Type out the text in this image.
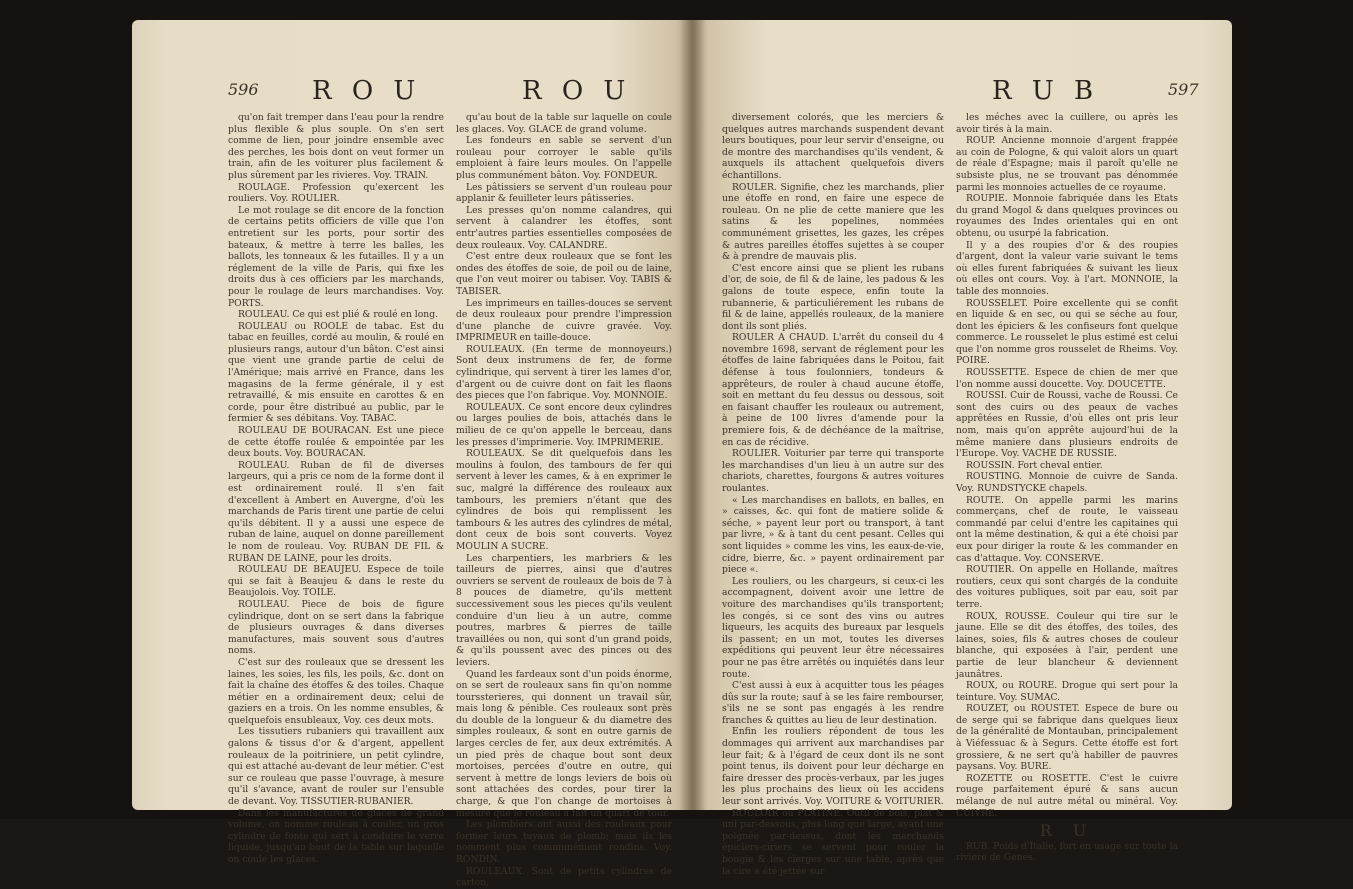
596 R O U	R O U

qu'on fait tremper dans l'eau pour la rendre plus flexible & plus souple. On s'en sert comme de lien, pour joindre ensemble avec des perches, les bois dont on veut former un train, afin de les voiturer plus facilement & plus sûrement par les rivieres. Voy. TRAIN.

ROULAGE. Profession qu'exercent les rouliers. Voy. ROULIER.

Le mot roulage se dit encore de la fonction de certains petits officiers de ville que l'on entretient sur les ports, pour sortir des bateaux, & mettre à terre les balles, les ballots, les tonneaux & les futailles. Il y a un réglement de la ville de Paris, qui fixe les droits dus à ces officiers par les marchands, pour le roulage de leurs marchandises. Voy. PORTS.

ROULEAU. Ce qui est plié & roulé en long.

ROULEAU ou ROOLE de tabac. Est du tabac en feuilles, cordé au moulin, & roulé en plusieurs rangs, autour d'un bâton. C'est ainsi que vient une grande partie de celui de l'Amérique; mais arrivé en France, dans les magasins de la ferme générale, il y est retravaillé, & mis ensuite en carottes & en corde, pour être distribué au public, par le fermier & ses débitans. Voy. TABAC.

ROULEAU DE BOURACAN. Est une piece de cette étoffe roulée & empointée par les deux bouts. Voy. BOURACAN.

ROULEAU. Ruban de fil de diverses largeurs, qui a pris ce nom de la forme dont il est ordinairement roulé. Il s'en fait d'excellent à Ambert en Auvergne, d'où les marchands de Paris tirent une partie de celui qu'ils débitent. Il y a aussi une espece de ruban de laine, auquel on donne pareillement le nom de rouleau. Voy. RUBAN DE FIL & RUBAN DE LAINE, pour les droits.

ROULEAU DE BEAUJEU. Espece de toile qui se fait à Beaujeu & dans le reste du Beaujolois. Voy. TOILE.

ROULEAU. Piece de bois de figure cylindrique, dont on se sert dans la fabrique de plusieurs ouvrages & dans diverses manufactures, mais souvent sous d'autres noms.

C'est sur des rouleaux que se dressent les laines, les soies, les fils, les poils, &c. dont on fait la chaîne des étoffes & des toiles. Chaque métier en a ordinairement deux; celui de gaziers en a trois. On les nomme ensubles, & quelquefois ensubleaux, Voy. ces deux mots.

Les tissutiers rubaniers qui travaillent aux galons & tissus d'or & d'argent, appellent rouleaux de la poitriniere, un petit cylindre, qui est attaché au-devant de leur métier. C'est sur ce rouleau que passe l'ouvrage, à mesure qu'il s'avance, avant de rouler sur l'ensuble de devant. Voy. TISSUTIER-RUBANIER.

Dans les manufactures de glaces de grand volume, on nomme rouleau à couler, un gros cylindre de fonte qui sert à conduire le verre liquide, jusqu'au bout de la table sur laquelle on coule les glaces.

qu'au bout de la table sur laquelle on coule les glaces. Voy. GLACE de grand volume.

Les fondeurs en sable se servent d'un rouleau pour corroyer le sable qu'ils emploient à faire leurs moules. On l'appelle plus communément bâton. Voy. FONDEUR.

Les pâtissiers se servent d'un rouleau pour applanir & feuilleter leurs pâtisseries.

Les presses qu'on nomme calandres, qui servent à calandrer les étoffes, sont entr'autres parties essentielles composées de deux rouleaux. Voy. CALANDRE.

C'est entre deux rouleaux que se font les ondes des étoffes de soie, de poil ou de laine, que l'on veut moirer ou tabiser. Voy. TABIS & TABISER.

Les imprimeurs en tailles-douces se servent de deux rouleaux pour prendre l'impression d'une planche de cuivre gravée. Voy. IMPRIMEUR en taille-douce.

ROULEAUX. (En terme de monnoyeurs.) Sont deux instrumens de fer, de forme cylindrique, qui servent à tirer les lames d'or, d'argent ou de cuivre dont on fait les flaons des pieces que l'on fabrique. Voy. MONNOIE.

ROULEAUX. Ce sont encore deux cylindres ou larges poulies de bois, attachés dans le milieu de ce qu'on appelle le berceau, dans les presses d'imprimerie. Voy. IMPRIMERIE.

ROULEAUX. Se dit quelquefois dans les moulins à foulon, des tambours de fer qui servent à lever les cames, & à en exprimer le suc, malgré la différence des rouleaux aux tambours, les premiers n'étant que des cylindres de bois qui remplissent les tambours & les autres des cylindres de métal, dont ceux de bois sont couverts. Voyez MOULIN A SUCRE.

Les charpentiers, les marbriers & les tailleurs de pierres, ainsi que d'autres ouvriers se servent de rouleaux de bois de 7 à 8 pouces de diametre, qu'ils mettent successivement sous les pieces qu'ils veulent conduire d'un lieu à un autre, comme poutres, marbres & pierres de taille travaillées ou non, qui sont d'un grand poids, & qu'ils poussent avec des pinces ou des leviers.

Quand les fardeaux sont d'un poids énorme, on se sert de rouleaux sans fin qu'on nomme tourssterieres, qui donnent un travail sûr, mais long & pénible. Ces rouleaux sont près du double de la longueur & du diametre des simples rouleaux, & sont en outre garnis de larges cercles de fer, aux deux extrémités. A un pied près de chaque bout sont deux mortoises, percées d'outre en outre, qui servent à mettre de longs leviers de bois où sont attachées des cordes, pour tirer la charge, & que l'on change de mortoises à mesure que le rouleau a fait un quart de tour.

Les plombiers ont aussi des rouleaux pour former leurs tuyaux de plomb; mais ils les nomment plus communément rondins. Voy. RONDIN.

ROULEAUX. Sont de petits cylindres de carton,

R U B	597

diversement colorés, que les merciers & quelques autres marchands suspendent devant leurs boutiques, pour leur servir d'enseigne, ou de montre des marchandises qu'ils vendent, & auxquels ils attachent quelquefois divers échantillons.

ROULER. Signifie, chez les marchands, plier une étoffe en rond, en faire une espece de rouleau. On ne plie de cette maniere que les satins & les popelines, nommées communément grisettes, les gazes, les crêpes & autres pareilles étoffes sujettes à se couper & à prendre de mauvais plis.

C'est encore ainsi que se plient les rubans d'or, de soie, de fil & de laine, les padous & les galons de toute espece, enfin toute la rubannerie, & particuliérement les rubans de fil & de laine, appellés rouleaux, de la maniere dont ils sont pliés.

ROULER A CHAUD. L'arrêt du conseil du 4 novembre 1698, servant de réglement pour les étoffes de laine fabriquées dans le Poitou, fait défense à tous foulonniers, tondeurs & apprêteurs, de rouler à chaud aucune étoffe, soit en mettant du feu dessus ou dessous, soit en faisant chauffer les rouleaux ou autrement, à peine de 100 livres d'amende pour la premiere fois, & de déchéance de la maîtrise, en cas de récidive.

ROULIER. Voiturier par terre qui transporte les marchandises d'un lieu à un autre sur des chariots, charettes, fourgons & autres voitures roulantes.

« Les marchandises en ballots, en balles, en » caisses, &c. qui font de matiere solide & séche, » payent leur port ou transport, à tant par livre, » & à tant du cent pesant. Celles qui sont liquides » comme les vins, les eaux-de-vie, cidre, bierre, &c. » payent ordinairement par piece «.

Les rouliers, ou les chargeurs, si ceux-ci les accompagnent, doivent avoir une lettre de voiture des marchandises qu'ils transportent; les congés, si ce sont des vins ou autres liqueurs, les acquits des bureaux par lesquels ils passent; en un mot, toutes les diverses expéditions qui peuvent leur être nécessaires pour ne pas être arrêtés ou inquiétés dans leur route.

C'est aussi à eux à acquitter tous les péages dûs sur la route; sauf à se les faire rembourser, s'ils ne se sont pas engagés à les rendre franches & quittes au lieu de leur destination.

Enfin les rouliers répondent de tous les dommages qui arrivent aux marchandises par leur fait; & à l'égard de ceux dont ils ne sont point tenus, ils doivent pour leur décharge en faire dresser des procès-verbaux, par les juges les plus prochains des lieux où les accidens leur sont arrivés. Voy. VOITURE & VOITURIER.

ROULOIR ou PLATINE. Outil de bois, plat & uni par-dessous, plus long que large, ayant une poignée par-dessus, dont les marchands épiciers-ciriers se servent pour rouler la bougie & les cierges sur une table, après que la cire a été jettée sur

les méches avec la cuillere, ou après les avoir tirés à la main.

ROUP. Ancienne monnoie d'argent frappée au coin de Pologne, & qui valoit alors un quart de réale d'Espagne; mais il paroît qu'elle ne subsiste plus, ne se trouvant pas dénommée parmi les monnoies actuelles de ce royaume.

ROUPIE. Monnoie fabriquée dans les Etats du grand Mogol & dans quelques provinces ou royaumes des Indes orientales qui en ont obtenu, ou usurpé la fabrication.

Il y a des roupies d'or & des roupies d'argent, dont la valeur varie suivant le tems où elles furent fabriquées & suivant les lieux où elles ont cours. Voy. à l'art. MONNOIE, la table des monnoies.

ROUSSELET. Poire excellente qui se confit en liquide & en sec, ou qui se séche au four, dont les épiciers & les confiseurs font quelque commerce. Le rousselet le plus estimé est celui que l'on nomme gros rousselet de Rheims. Voy. POIRE.

ROUSSETTE. Espece de chien de mer que l'on nomme aussi doucette. Voy. DOUCETTE.

ROUSSI. Cuir de Roussi, vache de Roussi. Ce sont des cuirs ou des peaux de vaches apprêtées en Russie, d'où elles ont pris leur nom, mais qu'on apprête aujourd'hui de la même maniere dans plusieurs endroits de l'Europe. Voy. VACHE DE RUSSIE.

ROUSSIN. Fort cheval entier.

ROUSTING. Monnoie de cuivre de Sanda. Voy. RUNDSTYCKE chapels.

ROUTE. On appelle parmi les marins commerçans, chef de route, le vaisseau commandé par celui d'entre les capitaines qui ont la même destination, & qui a été choisi par eux pour diriger la route & les commander en cas d'attaque. Voy. CONSERVE.

ROUTIER. On appelle en Hollande, maîtres routiers, ceux qui sont chargés de la conduite des voitures publiques, soit par eau, soit par terre.

ROUX, ROUSSE. Couleur qui tire sur le jaune. Elle se dit des étoffes, des toiles, des laines, soies, fils & autres choses de couleur blanche, qui exposées à l'air, perdent une partie de leur blancheur & deviennent jaunâtres.

ROUX, ou ROURE. Drogue qui sert pour la teinture. Voy. SUMAC.

ROUZET, ou ROUSTET. Espece de bure ou de serge qui se fabrique dans quelques lieux de la généralité de Montauban, principalement à Viéfessuac & à Segurs. Cette étoffe est fort grossiere, & ne sert qu'à habiller de pauvres paysans. Voy. BURE.

ROZETTE ou ROSETTE. C'est le cuivre rouge parfaitement épuré & sans aucun mélange de nul autre métal ou minéral. Voy. CUIVRE.

R U

RUB. Poids d'Italie, fort en usage sur toute la riviere de Genes.
